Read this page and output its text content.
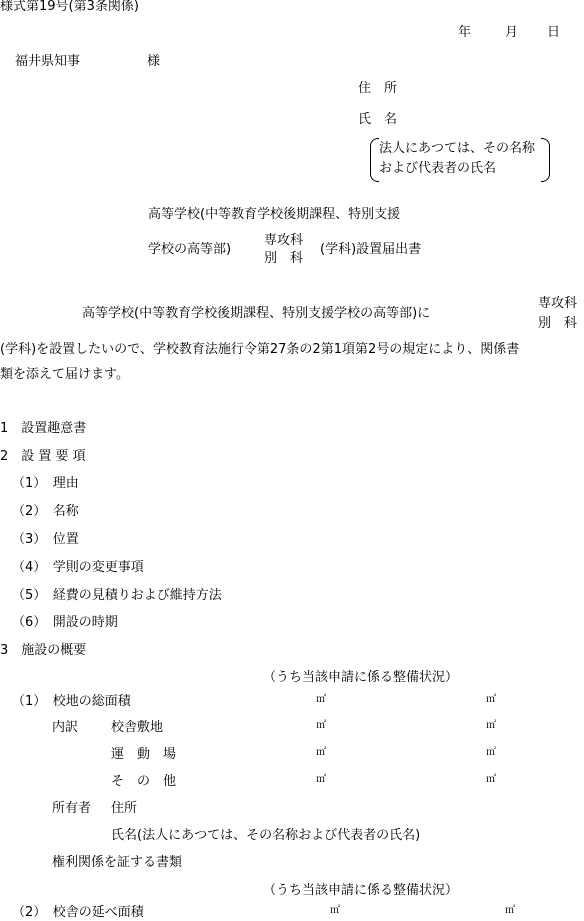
様式第19号(第3条関係)
年	月 日
福井県知事	様
住　所
氏　名
法人にあつては、その名称
および代表者の氏名
高等学校(中等教育学校後期課程、特別支援
学校の高等部)
専攻科
別　科
(学科)設置届出書
高等学校(中等教育学校後期課程、特別支援学校の高等部)に
専攻科
別　科
(学科)を設置したいので、学校教育法施行令第27条の2第1項第2号の規定により、関係書
類を添えて届けます。
1　設置趣意書
2　設 置 要 項
（1）　理由
（2）　名称
（3）　位置
（4）　学則の変更事項
（5）　経費の見積りおよび維持方法
（6）　開設の時期
3　施設の概要
（うち当該申請に係る整備状況）
（1）　校地の総面積	㎡	㎡
内訳	校舎敷地	㎡	㎡
運　動　場	㎡	㎡
そ　の　他	㎡	㎡
所有者 住所
氏名(法人にあつては、その名称および代表者の氏名)
権利関係を証する書類
（うち当該申請に係る整備状況）
（2）　校舎の延べ面積	㎡	㎡
